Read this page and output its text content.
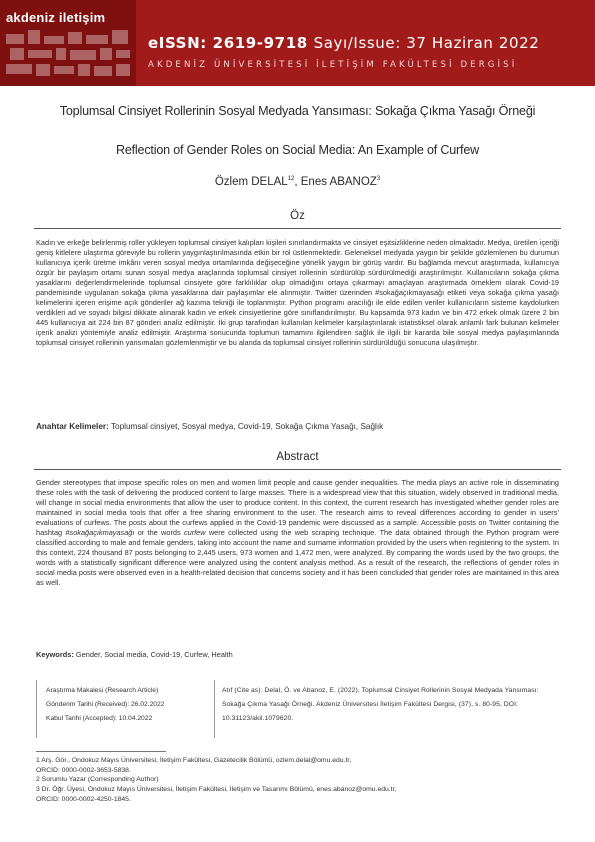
akdeniz iletişim
eISSN: 2619-9718 Sayı/Issue: 37 Haziran 2022
AKDENİZ ÜNİVERSİTESİ İLETİŞİM FAKÜLTESİ DERGİSİ
Toplumsal Cinsiyet Rollerinin Sosyal Medyada Yansıması: Sokağa Çıkma Yasağı Örneği
Reflection of Gender Roles on Social Media: An Example of Curfew
Özlem DELAL$^{12}$, Enes ABANOZ$^3$
Öz
Kadın ve erkeğe belirlenmiş roller yükleyen toplumsal cinsiyet kalıpları kişileri sınırlandırmakta ve cinsiyet eşitsizliklerine neden olmaktadır. Medya, üretilen içeriği geniş kitlelere ulaştırma göreviyle bu rollerin yaygınlaştırılmasında etkin bir rol üstlenmektedir. Geleneksel medyada yaygın bir şekilde gözlemlenen bu durumun kullanıcıya içerik üretme imkânı veren sosyal medya ortamlarında değişeceğine yönelik yaygın bir görüş vardır. Bu bağlamda mevcut araştırmada, kullanıcıya özgür bir paylaşım ortamı sunan sosyal medya araçlarında toplumsal cinsiyet rollerinin sürdürülüp sürdürülmediği araştırılmıştır. Kullanıcıların sokağa çıkma yasaklarını değerlendirmelerinde toplumsal cinsiyete göre farklılıklar olup olmadığını ortaya çıkarmayı amaçlayan araştırmada örneklem olarak Covid-19 pandemisinde uygulanan sokağa çıkma yasaklarına dair paylaşımlar ele alınmıştır. Twitter üzerinden #sokağaçıkmayasağı etiketi veya sokağa çıkma yasağı kelimelerini içeren erişime açık gönderiler ağ kazıma tekniği ile toplanmıştır. Python programı aracılığı ile elde edilen veriler kullanıcıların sisteme kaydolurken verdikleri ad ve soyadı bilgisi dikkate alınarak kadın ve erkek cinsiyetlerine göre sınıflandırılmıştır. Bu kapsamda 973 kadın ve bin 472 erkek olmak üzere 2 bin 445 kullanıcıya ait 224 bin 87 gönderi analiz edilmiştir. İki grup tarafından kullanılan kelimeler karşılaştırılarak istatistiksel olarak anlamlı fark bulunan kelimeler içerik analizi yöntemiyle analiz edilmiştir. Araştırma sonucunda toplumun tamamını ilgilendiren sağlık ile ilgili bir kararda bile sosyal medya paylaşımlarında toplumsal cinsiyet rollerinin yansımaları gözlemlenmiştir ve bu alanda da toplumsal cinsiyet rollerinin sürdürüldüğü sonucuna ulaşılmıştır.
Anahtar Kelimeler: Toplumsal cinsiyet, Sosyal medya, Covid-19, Sokağa Çıkma Yasağı, Sağlık
Abstract
Gender stereotypes that impose specific roles on men and women limit people and cause gender inequalities. The media plays an active role in disseminating these roles with the task of delivering the produced content to large masses. There is a widespread view that this situation, widely observed in traditional media, will change in social media environments that allow the user to produce content. In this context, the current research has investigated whether gender roles are maintained in social media tools that offer a free sharing environment to the user. The research aims to reveal differences according to gender in users’ evaluations of curfews. The posts about the curfews applied in the Covid-19 pandemic were discussed as a sample. Accessible posts on Twitter containing the hashtag #sokağaçıkmayasağı or the words curfew were collected using the web scraping technique. The data obtained through the Python program were classified according to male and female genders, taking into account the name and surname information provided by the users when registering to the system. In this context, 224 thousand 87 posts belonging to 2,445 users, 973 women and 1,472 men, were analyzed. By comparing the words used by the two groups, the words with a statistically significant difference were analyzed using the content analysis method. As a result of the research, the reflections of gender roles in social media posts were observed even in a health-related decision that concerns society and it has been concluded that gender roles are maintained in this area as well.
Keywords: Gender, Social media, Covid-19, Curfew, Health
Araştırma Makalesi (Research Article)
Gönderim Tarihi (Received): 26.02.2022
Kabul Tarihi (Accepted): 10.04.2022
Atıf (Cite as): Delal, Ö. ve Abanoz, E. (2022). Toplumsal Cinsiyet Rollerinin Sosyal Medyada Yansıması: Sokağa Çıkma Yasağı Örneği. Akdeniz Üniversitesi İletişim Fakültesi Dergisi, (37), s. 80-95, DOI: 10.31123/akil.1079620.
1 Arş. Gör., Ondokuz Mayıs Üniversitesi, İletişim Fakültesi, Gazetecilik Bölümü, ozlem.delal@omu.edu.tr,
ORCID: 0000-0002-3653-5838.
2 Sorumlu Yazar (Corresponding Author)
3 Dr. Öğr. Üyesi, Ondokuz Mayıs Üniversitesi, İletişim Fakültesi, İletişim ve Tasarımı Bölümü, enes.abanoz@omu.edu.tr,
ORCID: 0000-0002-4250-1845.
